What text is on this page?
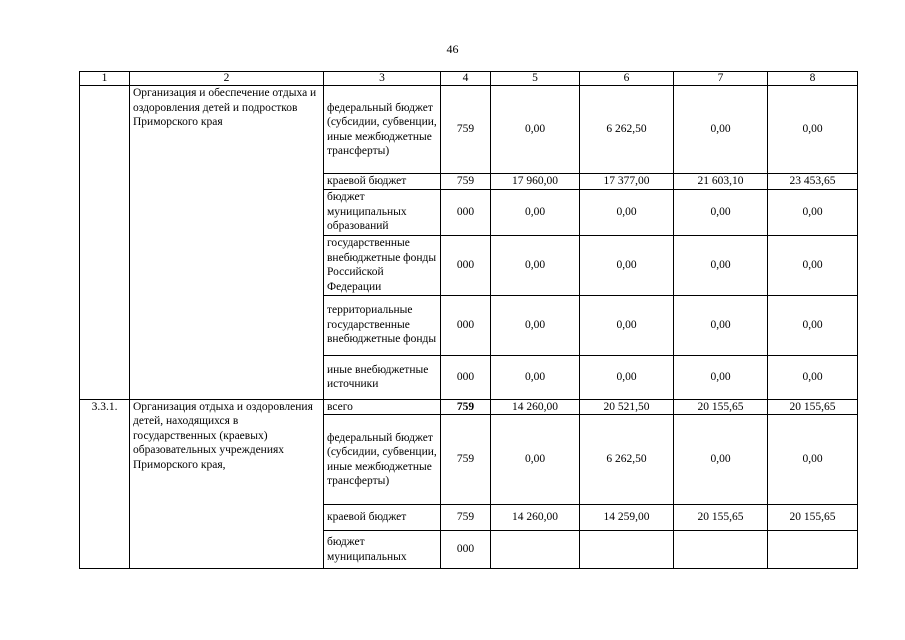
46
1	2	3	4	5	6	7	8
	Организация и обеспечение отдыха и оздоровления детей и подростков Приморского края	федеральный бюджет (субсидии, субвенции, иные межбюджетные трансферты)	759	0,00	6 262,50	0,00	0,00
		краевой бюджет	759	17 960,00	17 377,00	21 603,10	23 453,65
		бюджет муниципальных образований	000	0,00	0,00	0,00	0,00
		государственные внебюджетные фонды Российской Федерации	000	0,00	0,00	0,00	0,00
		территориальные государственные внебюджетные фонды	000	0,00	0,00	0,00	0,00
		иные внебюджетные источники	000	0,00	0,00	0,00	0,00
3.3.1.	Организация отдыха и оздоровления детей, находящихся в государственных (краевых) образовательных учреждениях Приморского края,	всего	759	14 260,00	20 521,50	20 155,65	20 155,65
		федеральный бюджет (субсидии, субвенции, иные межбюджетные трансферты)	759	0,00	6 262,50	0,00	0,00
		краевой бюджет	759	14 260,00	14 259,00	20 155,65	20 155,65
		бюджет муниципальных	000				
